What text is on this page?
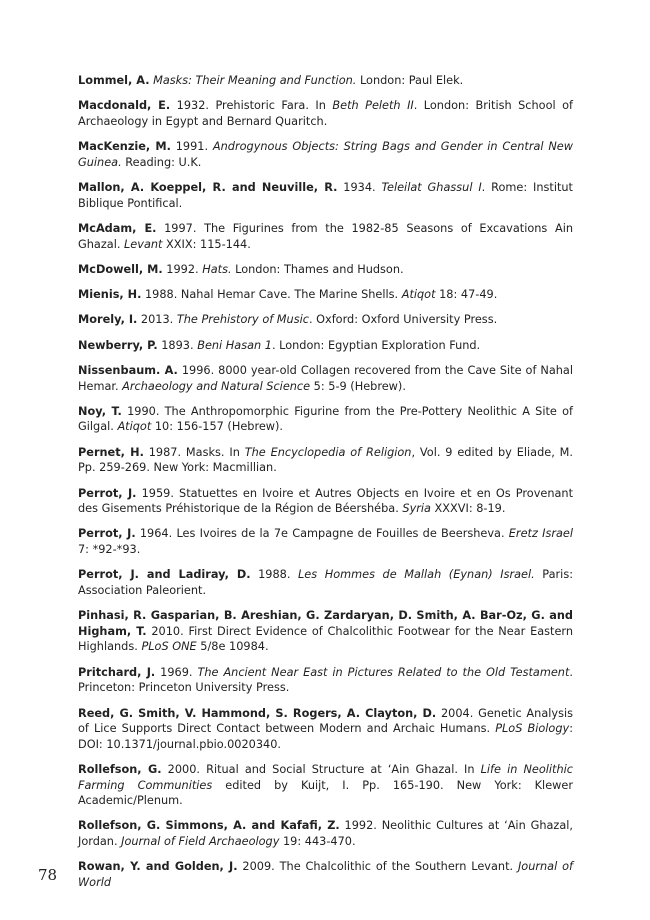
Lommel, A. Masks: Their Meaning and Function. London: Paul Elek.

Macdonald, E. 1932. Prehistoric Fara. In Beth Peleth II. London: British School of Archaeology in Egypt and Bernard Quaritch.

MacKenzie, M. 1991. Androgynous Objects: String Bags and Gender in Central New Guinea. Reading: U.K.

Mallon, A. Koeppel, R. and Neuville, R. 1934. Teleilat Ghassul I. Rome: Institut Biblique Pontifical.

McAdam, E. 1997. The Figurines from the 1982-85 Seasons of Excavations Ain Ghazal. Levant XXIX: 115-144.

McDowell, M. 1992. Hats. London: Thames and Hudson.

Mienis, H. 1988. Nahal Hemar Cave. The Marine Shells. Atiqot 18: 47-49.

Morely, I. 2013. The Prehistory of Music. Oxford: Oxford University Press.

Newberry, P. 1893. Beni Hasan 1. London: Egyptian Exploration Fund.

Nissenbaum. A. 1996. 8000 year-old Collagen recovered from the Cave Site of Nahal Hemar. Archaeology and Natural Science 5: 5-9 (Hebrew).

Noy, T. 1990. The Anthropomorphic Figurine from the Pre-Pottery Neolithic A Site of Gilgal. Atiqot 10: 156-157 (Hebrew).

Pernet, H. 1987. Masks. In The Encyclopedia of Religion, Vol. 9 edited by Eliade, M. Pp. 259-269. New York: Macmillian.

Perrot, J. 1959. Statuettes en Ivoire et Autres Objects en Ivoire et en Os Provenant des Gisements Préhistorique de la Région de Béershéba. Syria XXXVI: 8-19.

Perrot, J. 1964. Les Ivoires de la 7e Campagne de Fouilles de Beersheva. Eretz Israel 7: *92-*93.

Perrot, J. and Ladiray, D. 1988. Les Hommes de Mallah (Eynan) Israel. Paris: Association Paleorient.

Pinhasi, R. Gasparian, B. Areshian, G. Zardaryan, D. Smith, A. Bar-Oz, G. and Higham, T. 2010. First Direct Evidence of Chalcolithic Footwear for the Near Eastern Highlands. PLoS ONE 5/8e 10984.

Pritchard, J. 1969. The Ancient Near East in Pictures Related to the Old Testament. Princeton: Princeton University Press.

Reed, G. Smith, V. Hammond, S. Rogers, A. Clayton, D. 2004. Genetic Analysis of Lice Supports Direct Contact between Modern and Archaic Humans. PLoS Biology: DOI: 10.1371/journal.pbio.0020340.

Rollefson, G. 2000. Ritual and Social Structure at ‘Ain Ghazal. In Life in Neolithic Farming Communities edited by Kuijt, I. Pp. 165-190. New York: Klewer Academic/Plenum.

Rollefson, G. Simmons, A. and Kafafi, Z. 1992. Neolithic Cultures at ‘Ain Ghazal, Jordan. Journal of Field Archaeology 19: 443-470.

Rowan, Y. and Golden, J. 2009. The Chalcolithic of the Southern Levant. Journal of World

78
